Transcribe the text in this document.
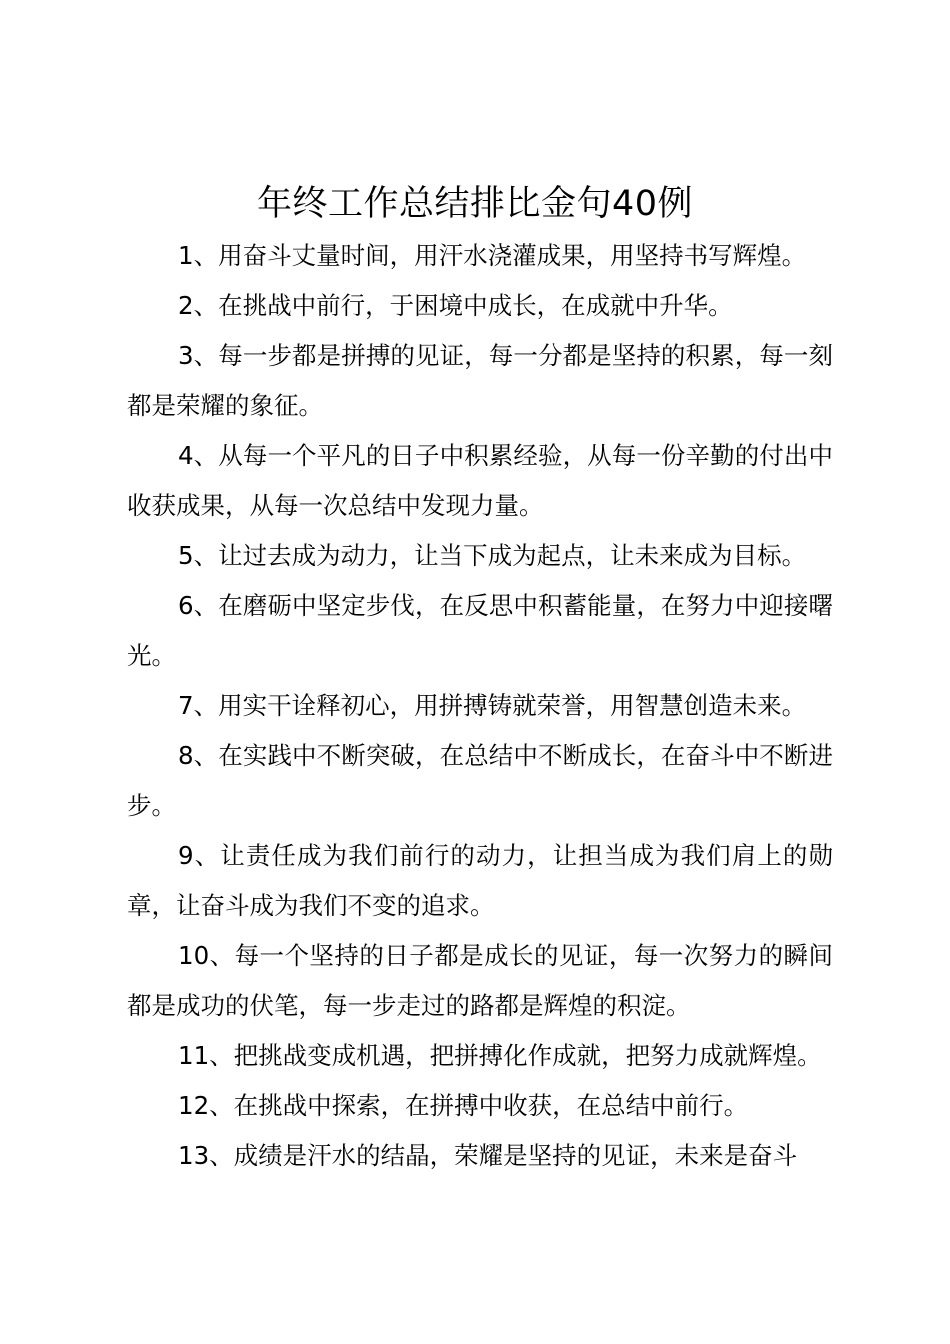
年终工作总结排比金句40例

1、用奋斗丈量时间，用汗水浇灌成果，用坚持书写辉煌。

2、在挑战中前行，于困境中成长，在成就中升华。

3、每一步都是拼搏的见证，每一分都是坚持的积累，每一刻都是荣耀的象征。

4、从每一个平凡的日子中积累经验，从每一份辛勤的付出中收获成果，从每一次总结中发现力量。

5、让过去成为动力，让当下成为起点，让未来成为目标。

6、在磨砺中坚定步伐，在反思中积蓄能量，在努力中迎接曙光。

7、用实干诠释初心，用拼搏铸就荣誉，用智慧创造未来。

8、在实践中不断突破，在总结中不断成长，在奋斗中不断进步。

9、让责任成为我们前行的动力，让担当成为我们肩上的勋章，让奋斗成为我们不变的追求。

10、每一个坚持的日子都是成长的见证，每一次努力的瞬间都是成功的伏笔，每一步走过的路都是辉煌的积淀。

11、把挑战变成机遇，把拼搏化作成就，把努力成就辉煌。

12、在挑战中探索，在拼搏中收获，在总结中前行。

13、成绩是汗水的结晶，荣耀是坚持的见证，未来是奋斗
